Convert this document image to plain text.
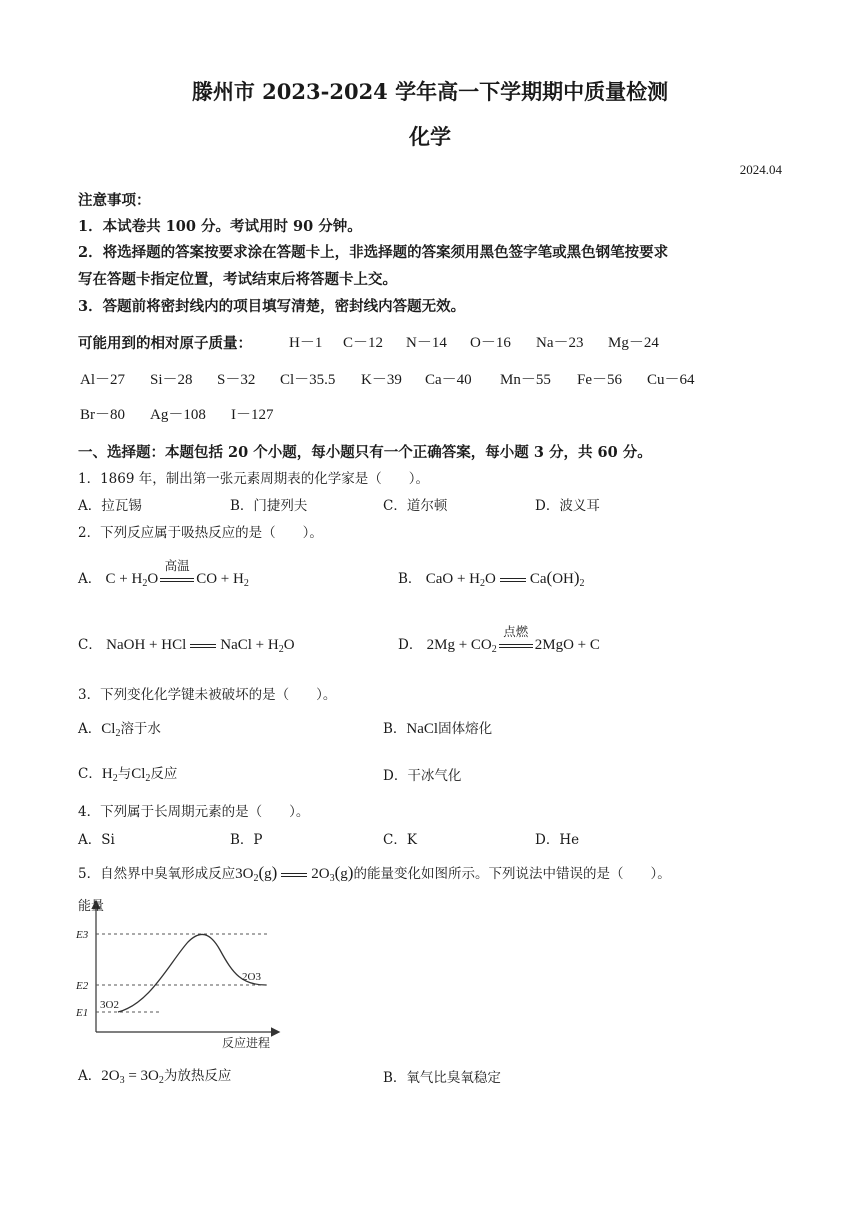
滕州市 2023-2024 学年高一下学期期中质量检测
化学
2024.04
注意事项：
1．本试卷共 100 分。考试用时 90 分钟。
2．将选择题的答案按要求涂在答题卡上，非选择题的答案须用黑色签字笔或黑色钢笔按要求
写在答题卡指定位置，考试结束后将答题卡上交。
3．答题前将密封线内的项目填写清楚，密封线内答题无效。
可能用到的相对原子质量： H－1 C－12 N－14 O－16 Na－23 Mg－24
Al－27 Si－28 S－32 Cl－35.5 K－39 Ca－40 Mn－55 Fe－56 Cu－64
Br－80 Ag－108 I－127
一、选择题：本题包括 20 个小题，每小题只有一个正确答案，每小题 3 分，共 60 分。
1．1869 年，制出第一张元素周期表的化学家是（　　）。
A．拉瓦锡	B．门捷列夫	C．道尔顿	D．波义耳
2．下列反应属于吸热反应的是（　　）。
A． $C + H_2O$
高温
CO + $H_2$	B． CaO + $H_2O$ $Ca(OH)_2$
C． NaOH + HCl NaCl + $H_2O$	D． $2Mg + CO_2$
点燃
2MgO + C
3．下列变化化学键未被破坏的是（　　）。
A．$Cl_2$溶于水	B．NaCl固体熔化
C．$H_2$与$Cl_2$反应	D．干冰气化
4．下列属于长周期元素的是（　　）。
A．Si	B．P	C．K	D．He
5．自然界中臭氧形成反应$3O_2(g)$ $2O_3(g)$的能量变化如图所示。下列说法中错误的是（　　）。
能量
E3
E2
E1
3O2
2O3
反应进程
A．$2O_3 = 3O_2$为放热反应	B．氧气比臭氧稳定
